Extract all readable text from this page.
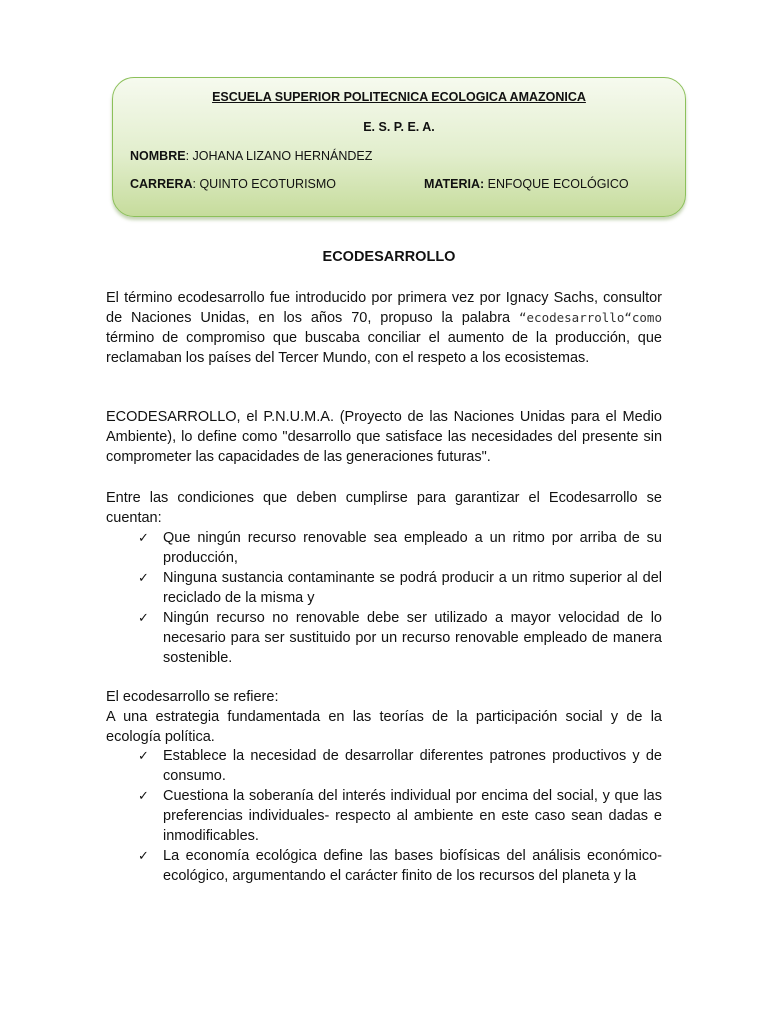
ESCUELA SUPERIOR POLITECNICA ECOLOGICA AMAZONICA
E. S. P. E. A.
NOMBRE: JOHANA LIZANO HERNÁNDEZ
CARRERA: QUINTO ECOTURISMO	MATERIA: ENFOQUE ECOLÓGICO
ECODESARROLLO

El término ecodesarrollo fue introducido por primera vez por Ignacy Sachs, consultor de Naciones Unidas, en los años 70, propuso la palabra “ecodesarrollo“como término de compromiso que buscaba conciliar el aumento de la producción, que reclamaban los países del Tercer Mundo, con el respeto a los ecosistemas.

ECODESARROLLO, el P.N.U.M.A. (Proyecto de las Naciones Unidas para el Medio Ambiente), lo define como "desarrollo que satisface las necesidades del presente sin comprometer las capacidades de las generaciones futuras".

Entre las condiciones que deben cumplirse para garantizar el Ecodesarrollo se cuentan:

✓ Que ningún recurso renovable sea empleado a un ritmo por arriba de su producción,
✓ Ninguna sustancia contaminante se podrá producir a un ritmo superior al del reciclado de la misma y
✓ Ningún recurso no renovable debe ser utilizado a mayor velocidad de lo necesario para ser sustituido por un recurso renovable empleado de manera sostenible.

El ecodesarrollo se refiere:

A una estrategia fundamentada en las teorías de la participación social y de la ecología política.

✓ Establece la necesidad de desarrollar diferentes patrones productivos y de consumo.
✓ Cuestiona la soberanía del interés individual por encima del social, y que las preferencias individuales- respecto al ambiente en este caso sean dadas e inmodificables.
✓ La economía ecológica define las bases biofísicas del análisis económico-ecológico, argumentando el carácter finito de los recursos del planeta y la
